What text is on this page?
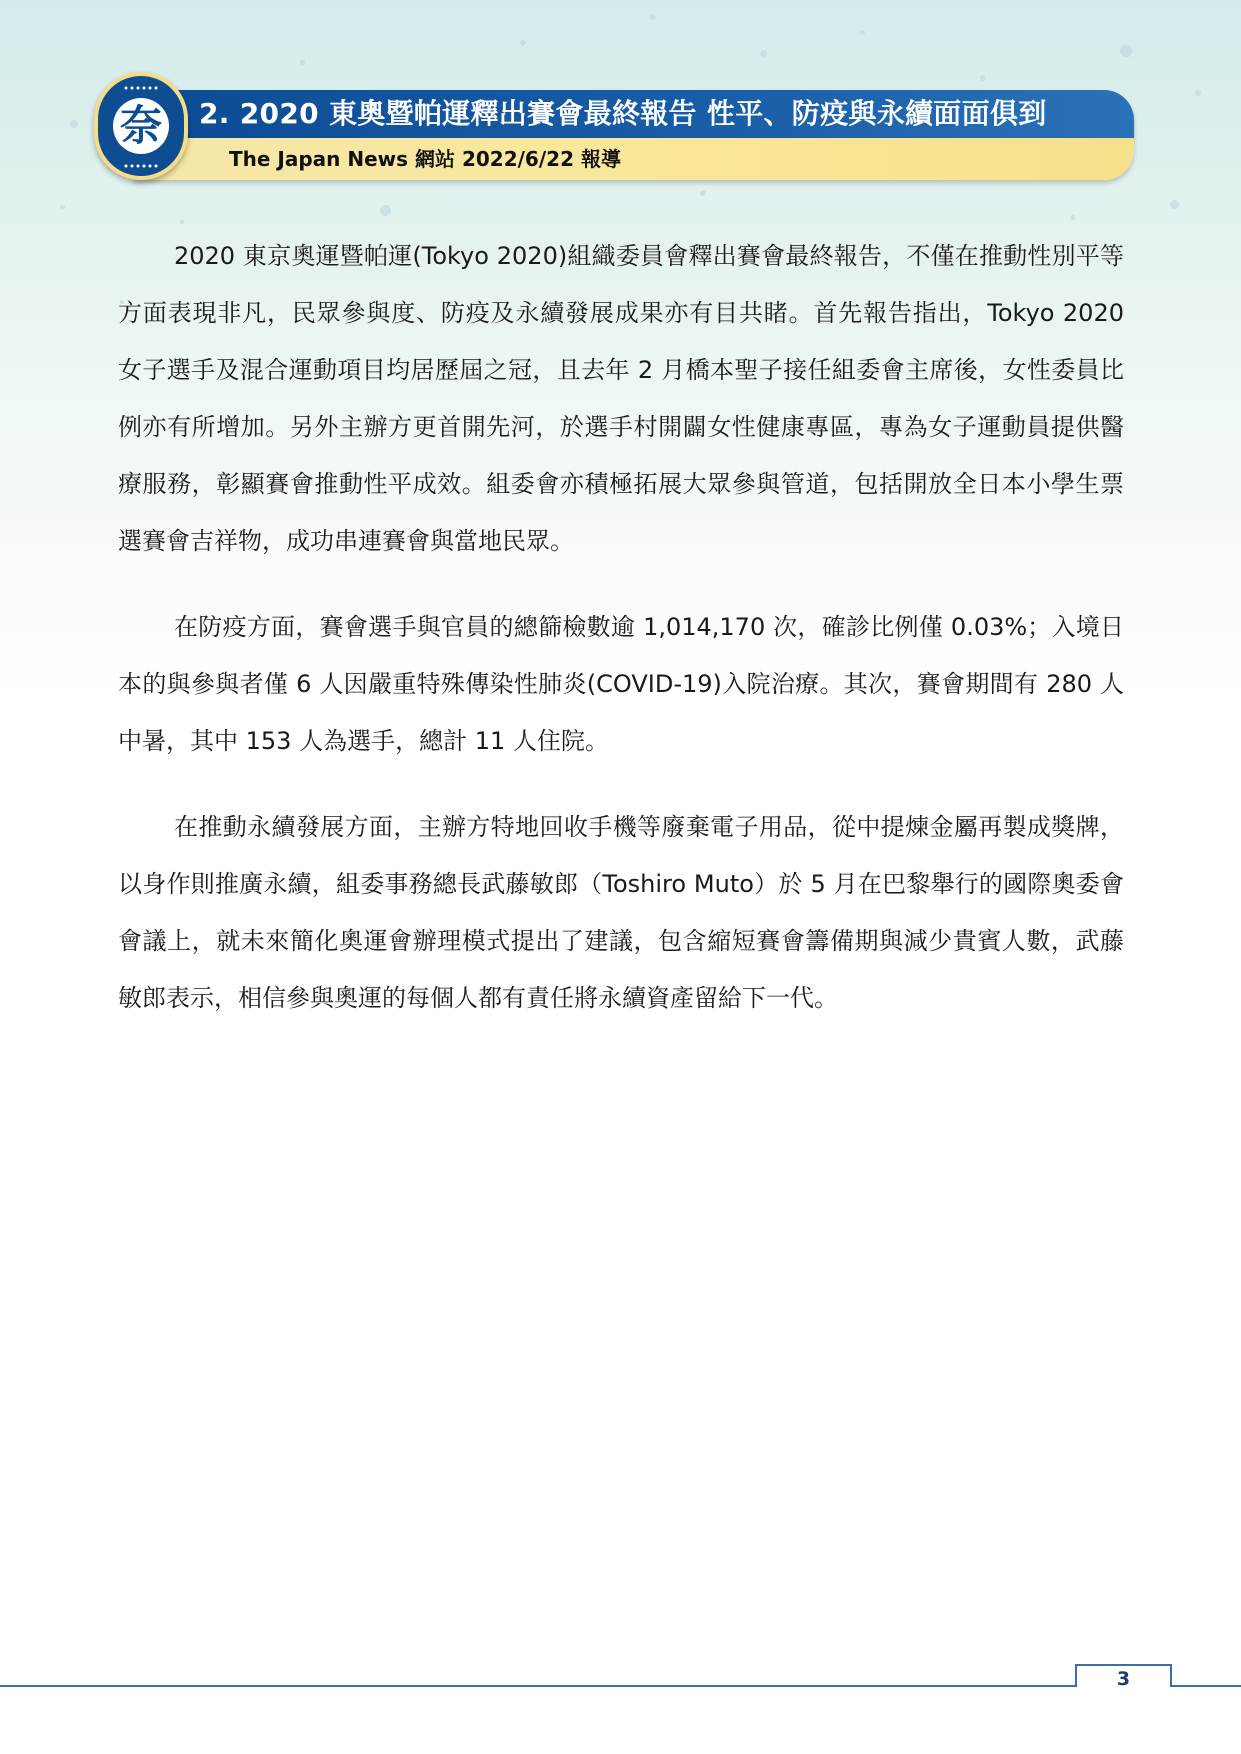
2. 2020 東奧暨帕運釋出賽會最終報告 性平、防疫與永續面面俱到
The Japan News 網站 2022/6/22 報導
奈

2020 東京奧運暨帕運(Tokyo 2020)組織委員會釋出賽會最終報告，不僅在推動性別平等方面表現非凡，民眾參與度、防疫及永續發展成果亦有目共睹。首先報告指出，Tokyo 2020 女子選手及混合運動項目均居歷屆之冠，且去年 2 月橋本聖子接任組委會主席後，女性委員比例亦有所增加。另外主辦方更首開先河，於選手村開闢女性健康專區，專為女子運動員提供醫療服務，彰顯賽會推動性平成效。組委會亦積極拓展大眾參與管道，包括開放全日本小學生票選賽會吉祥物，成功串連賽會與當地民眾。

在防疫方面，賽會選手與官員的總篩檢數逾 1,014,170 次，確診比例僅 0.03%；入境日本的與參與者僅 6 人因嚴重特殊傳染性肺炎(COVID-19)入院治療。其次，賽會期間有 280 人中暑，其中 153 人為選手，總計 11 人住院。

在推動永續發展方面，主辦方特地回收手機等廢棄電子用品，從中提煉金屬再製成獎牌，以身作則推廣永續，組委事務總長武藤敏郎（Toshiro Muto）於 5 月在巴黎舉行的國際奧委會會議上，就未來簡化奧運會辦理模式提出了建議，包含縮短賽會籌備期與減少貴賓人數，武藤敏郎表示，相信參與奧運的每個人都有責任將永續資產留給下一代。

3
